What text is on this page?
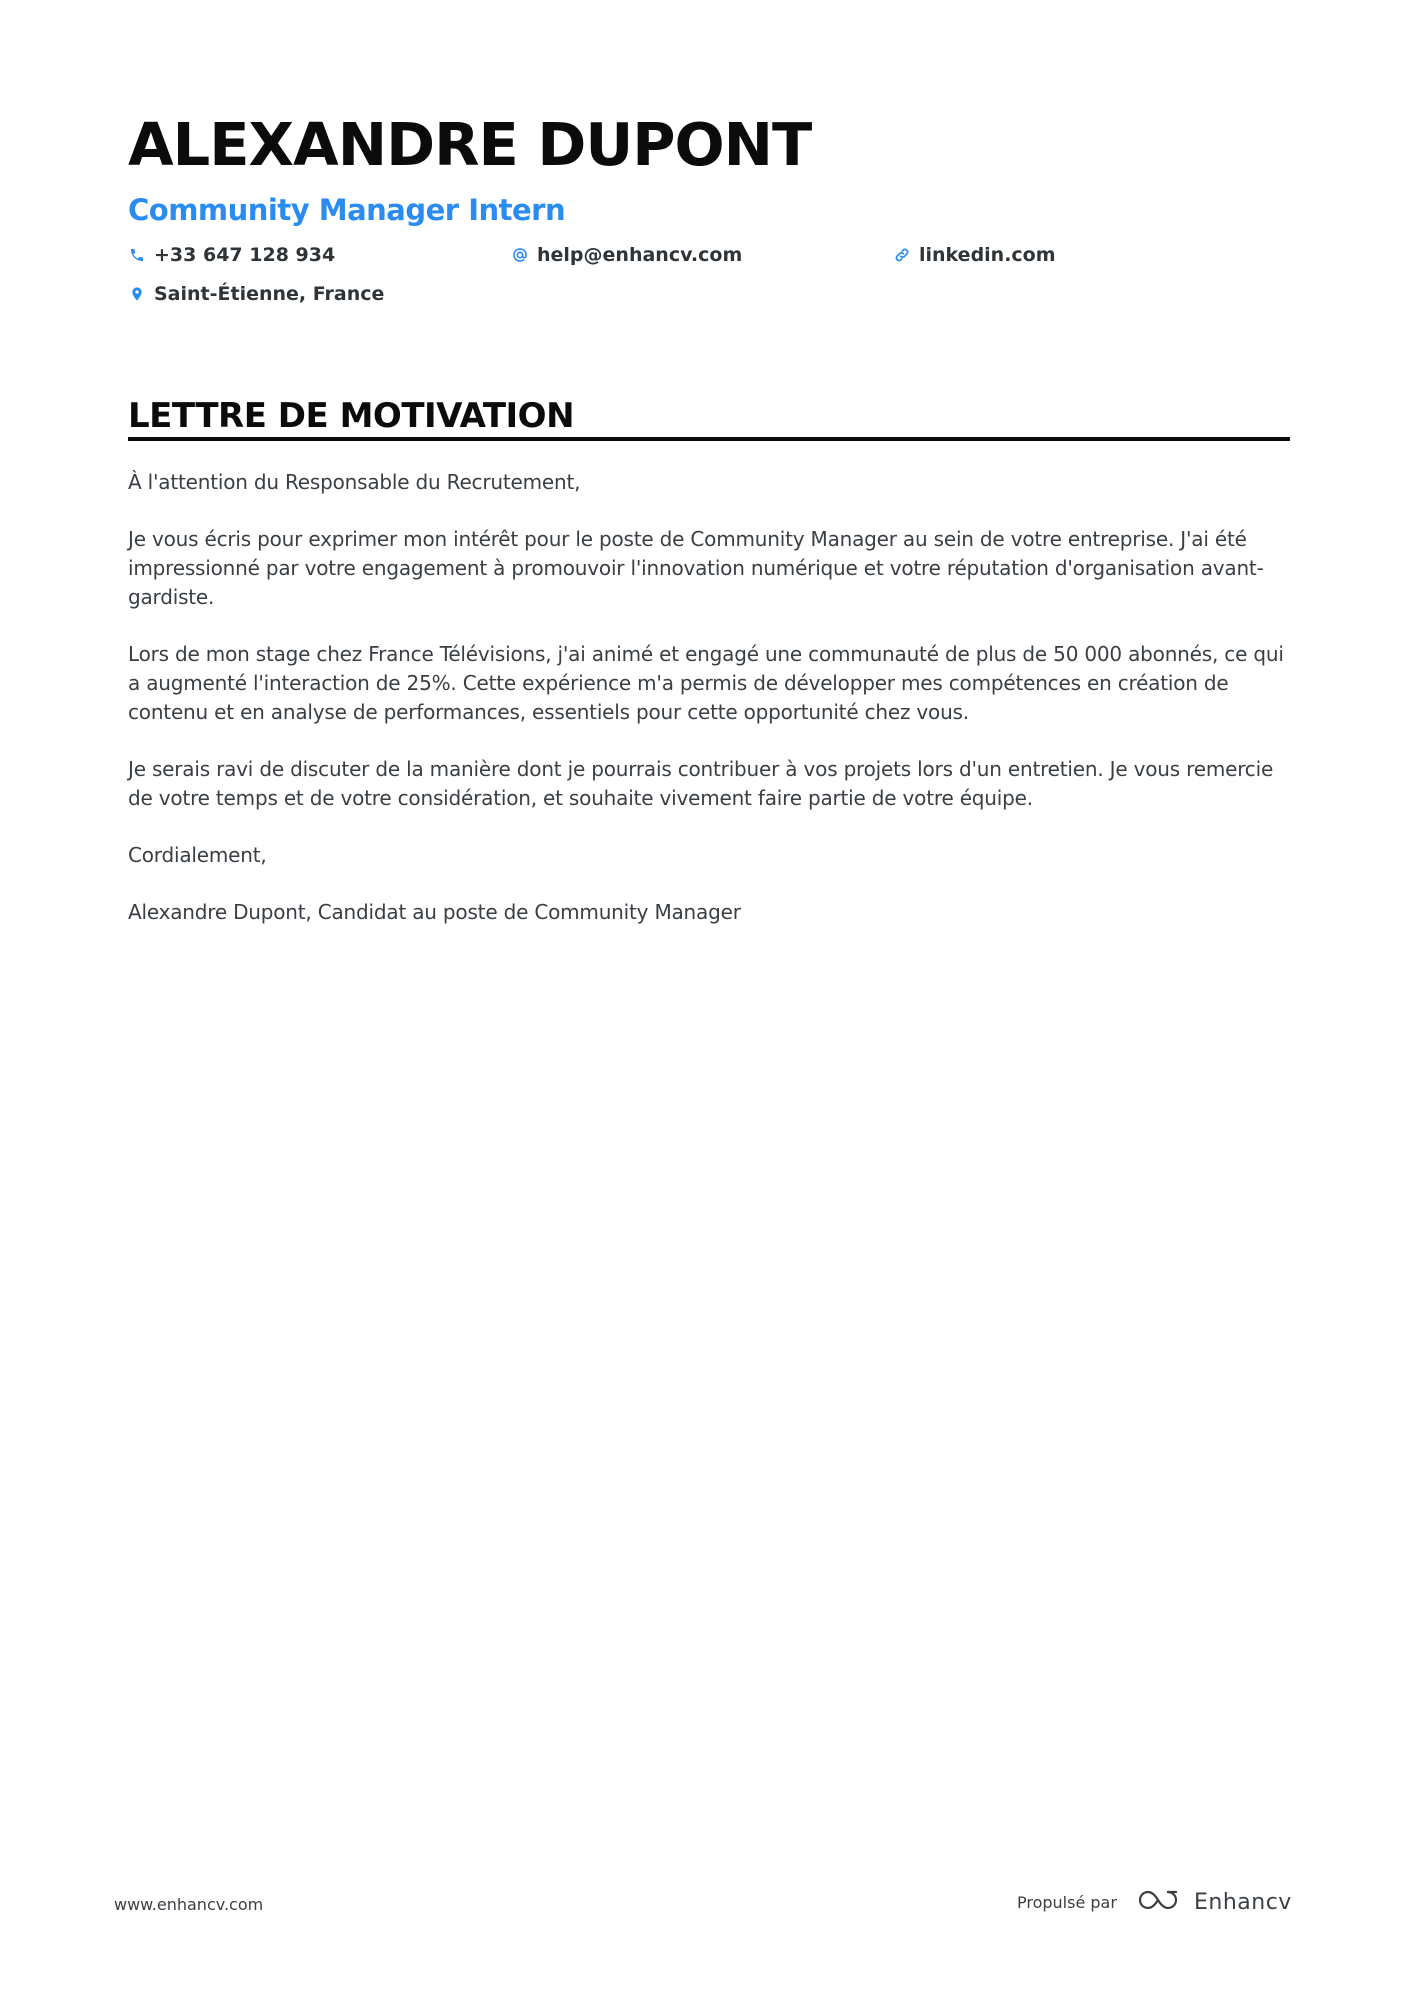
ALEXANDRE DUPONT
Community Manager Intern
+33 647 128 934	help@enhancv.com	linkedin.com
Saint-Étienne, France
LETTRE DE MOTIVATION
À l'attention du Responsable du Recrutement,
Je vous écris pour exprimer mon intérêt pour le poste de Community Manager au sein de votre entreprise. J'ai été impressionné par votre engagement à promouvoir l'innovation numérique et votre réputation d'organisation avant-gardiste.
Lors de mon stage chez France Télévisions, j'ai animé et engagé une communauté de plus de 50 000 abonnés, ce qui a augmenté l'interaction de 25%. Cette expérience m'a permis de développer mes compétences en création de contenu et en analyse de performances, essentiels pour cette opportunité chez vous.
Je serais ravi de discuter de la manière dont je pourrais contribuer à vos projets lors d'un entretien. Je vous remercie de votre temps et de votre considération, et souhaite vivement faire partie de votre équipe.
Cordialement,
Alexandre Dupont, Candidat au poste de Community Manager
www.enhancv.com	Propulsé par	Enhancv
